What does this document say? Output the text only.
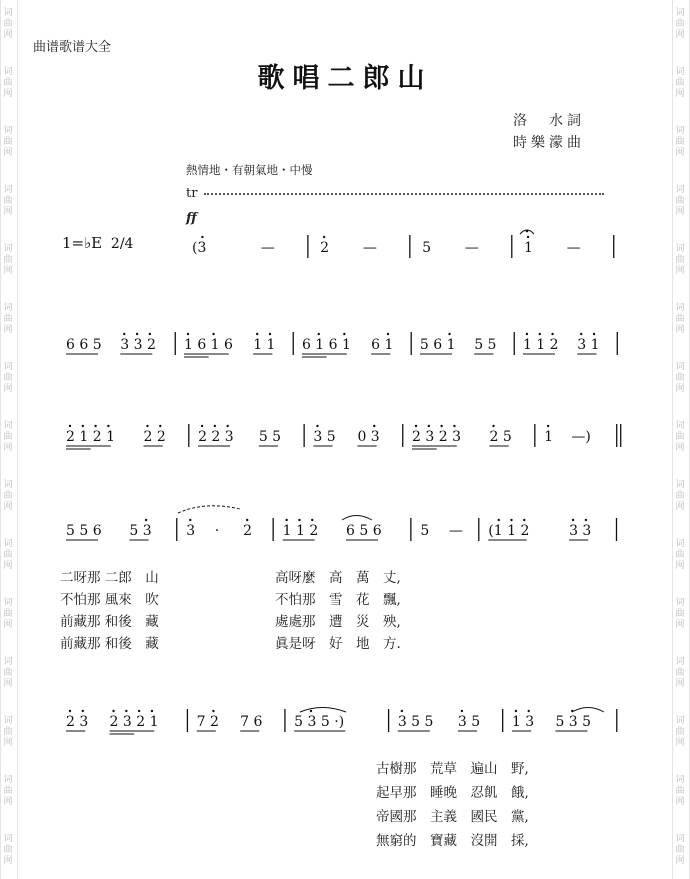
词
曲
网
词
曲
网
词
曲
网
词
曲
网
词
曲
网
词
曲
网
词
曲
网
词
曲
网
词
曲
网
词
曲
网
词
曲
网
词
曲
网
词
曲
网
词
曲
网
词
曲
网
词
曲
网
词
曲
网
词
曲
网
词
曲
网
词
曲
网
词
曲
网
词
曲
网
词
曲
网
词
曲
网
词
曲
网
词
曲
网
词
曲
网
词
曲
网
词
曲
网
词
曲
网
曲谱歌谱大全
歌唱二郎山
洛　水詞
時樂濛曲
熱情地・有朝氣地・中慢
tr
ff
1=♭E 2/4	(3	—	2 —	5 —	1 —
6 6 5 3 3 2 1 6 1 6 1 1 6 1 6 1 6 1 5 6 1 5 5 1 1 2 3 1
2 1 2 1 2 2 2 2 3 5 5 3 5 0 3 2 3 2 3 2 5 1 —)
5 5 6 5 3 3 · 2 1 1 2 6 5 6	5 — (1 1 2	3 3
2 3 2 3 2 1	7 2 7 6 5 3 5 ·)	3 5 5 3 5 1 3 5 3 5
二呀那 二郎　山
不怕那 風來　吹
前藏那 和後　藏
前藏那 和後　藏
高呀麼　高　萬　丈,
不怕那　雪　花　飄,
處處那　遭　災　殃,
眞是呀　好　地　方.
古樹那　荒草　遍山　野,
起早那　睡晚　忍飢　餓,
帝國那　主義　國民　黨,
無窮的　寶藏　沒開　採,
